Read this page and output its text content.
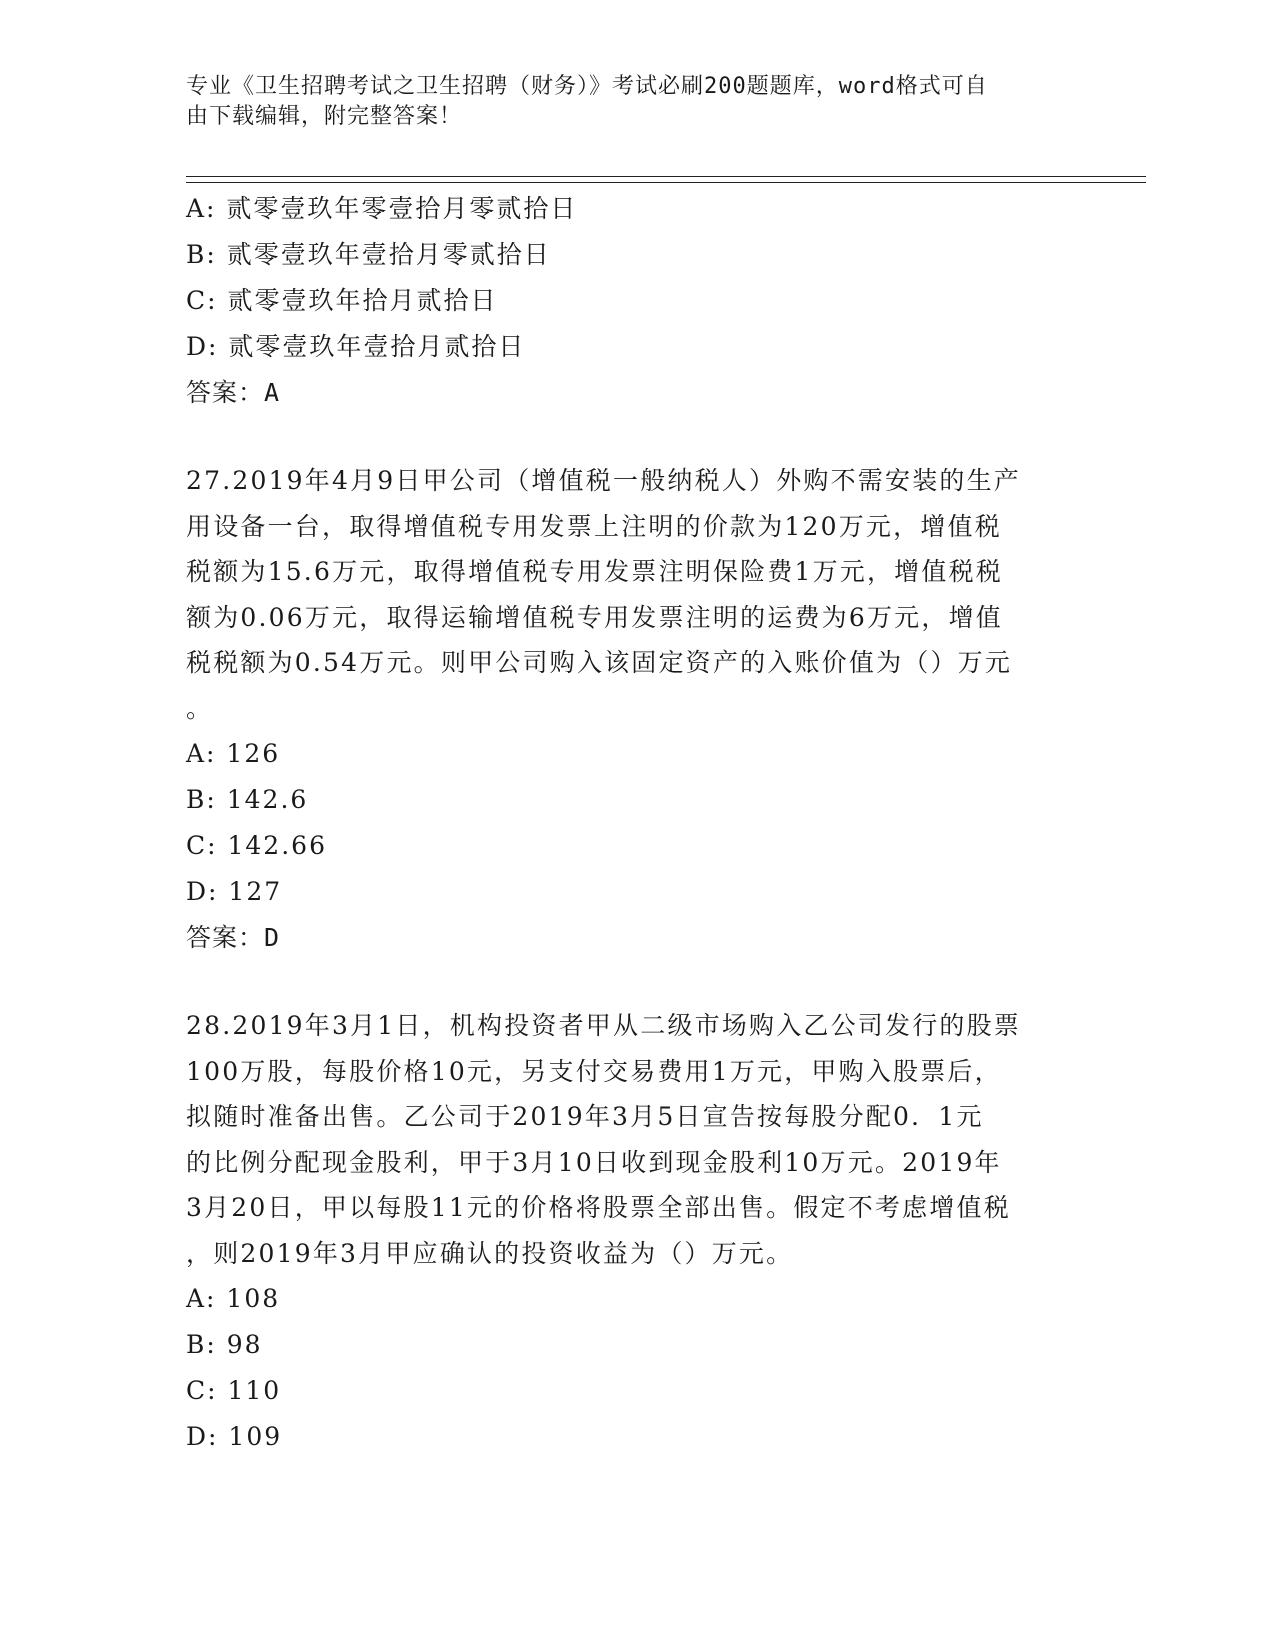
专业《卫生招聘考试之卫生招聘（财务）》考试必刷200题题库，word格式可自
由下载编辑，附完整答案！
A: 贰零壹玖年零壹拾月零贰拾日
B: 贰零壹玖年壹拾月零贰拾日
C: 贰零壹玖年拾月贰拾日
D: 贰零壹玖年壹拾月贰拾日
答案：A
27.2019年4月9日甲公司（增值税一般纳税人）外购不需安装的生产
用设备一台，取得增值税专用发票上注明的价款为120万元，增值税
税额为15.6万元，取得增值税专用发票注明保险费1万元，增值税税
额为0.06万元，取得运输增值税专用发票注明的运费为6万元，增值
税税额为0.54万元。则甲公司购入该固定资产的入账价值为（）万元
。
A: 126
B: 142.6
C: 142.66
D: 127
答案：D
28.2019年3月1日，机构投资者甲从二级市场购入乙公司发行的股票
100万股，每股价格10元，另支付交易费用1万元，甲购入股票后，
拟随时准备出售。乙公司于2019年3月5日宣告按每股分配0．1元
的比例分配现金股利，甲于3月10日收到现金股利10万元。2019年
3月20日，甲以每股11元的价格将股票全部出售。假定不考虑增值税
，则2019年3月甲应确认的投资收益为（）万元。
A: 108
B: 98
C: 110
D: 109
